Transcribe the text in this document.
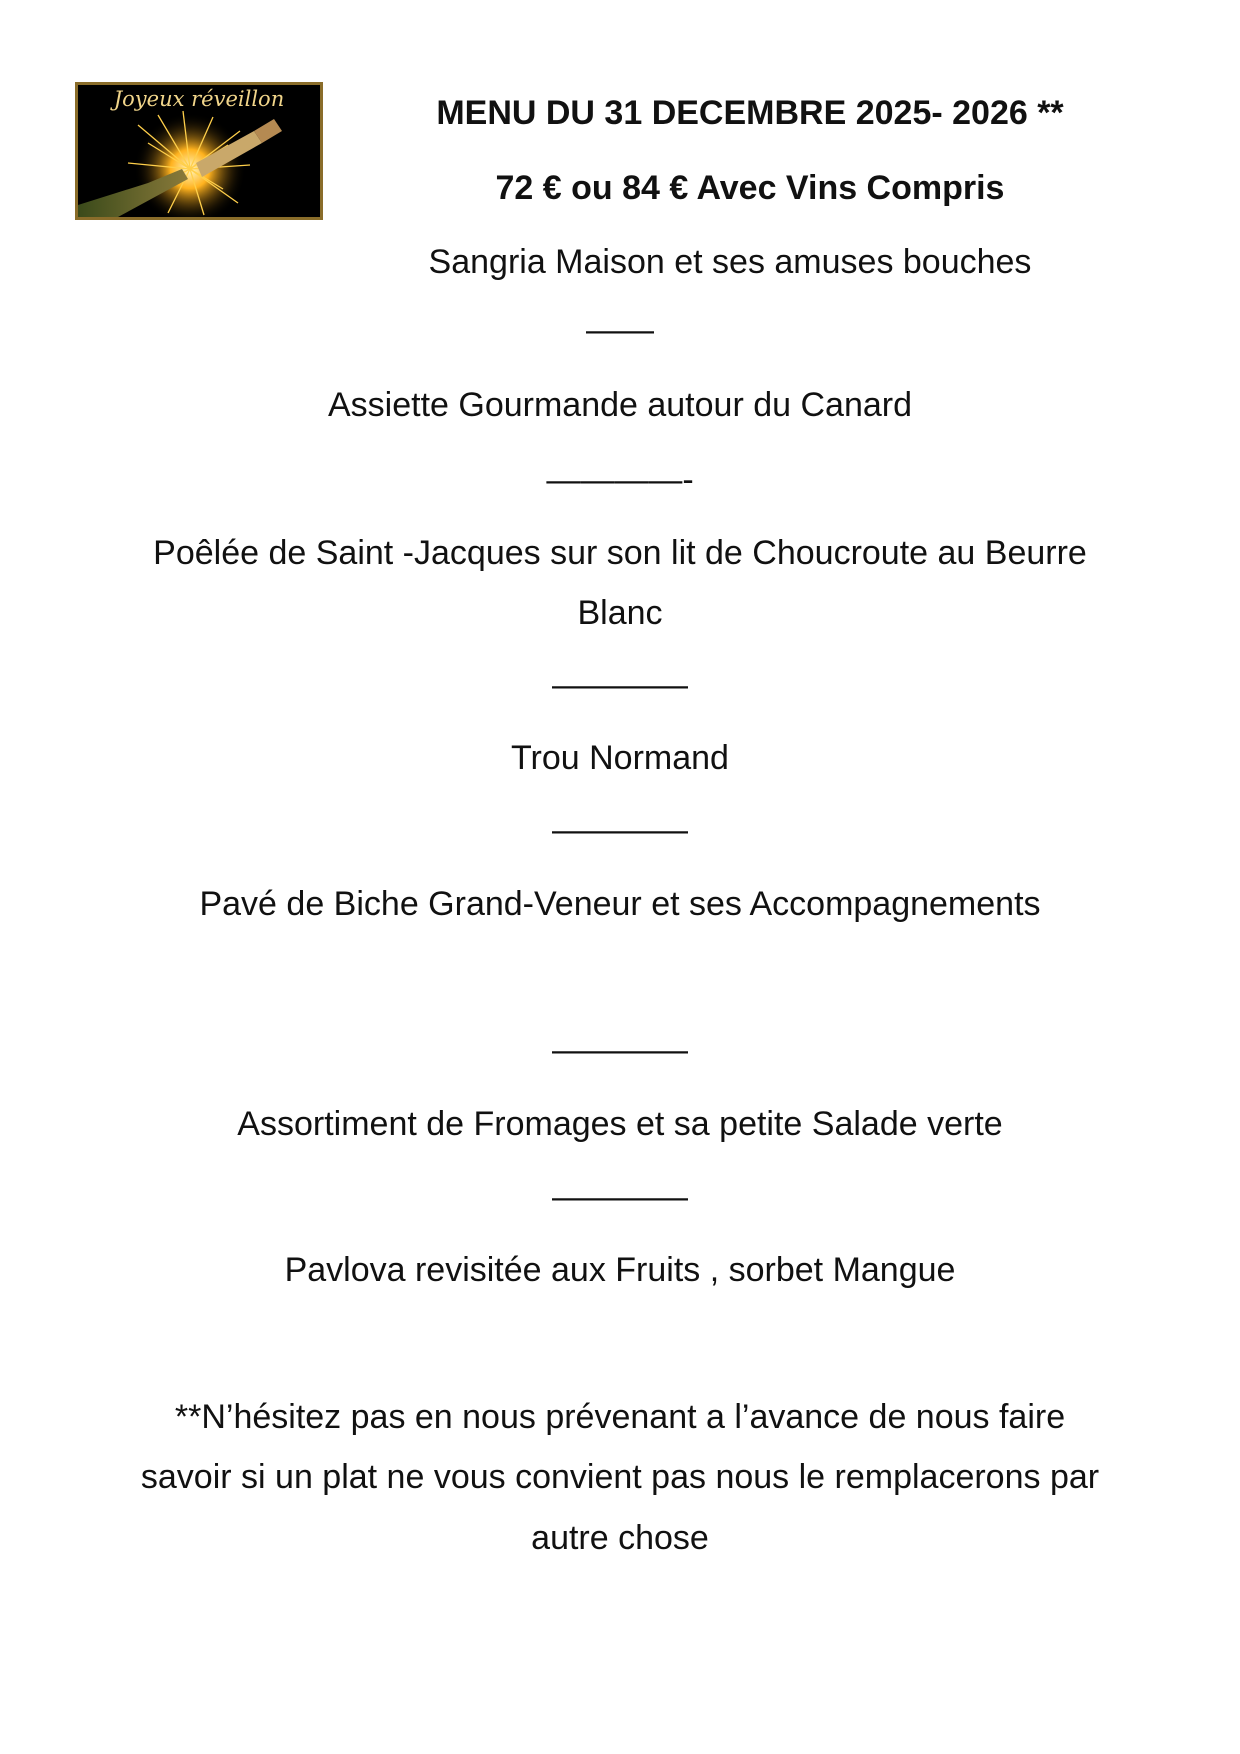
Joyeux réveillon	MENU DU 31 DECEMBRE 2025- 2026 **
72 € ou 84 € Avec Vins Compris
Sangria Maison et ses amuses bouches
——
Assiette Gourmande autour du Canard
————-
Poêlée de Saint -Jacques sur son lit de Choucroute au Beurre
Blanc
————
Trou Normand
————
Pavé de Biche Grand-Veneur et ses Accompagnements
————
Assortiment de Fromages et sa petite Salade verte
————
Pavlova revisitée aux Fruits , sorbet Mangue
**N’hésitez pas en nous prévenant a l’avance de nous faire
savoir si un plat ne vous convient pas nous le remplacerons par
autre chose
